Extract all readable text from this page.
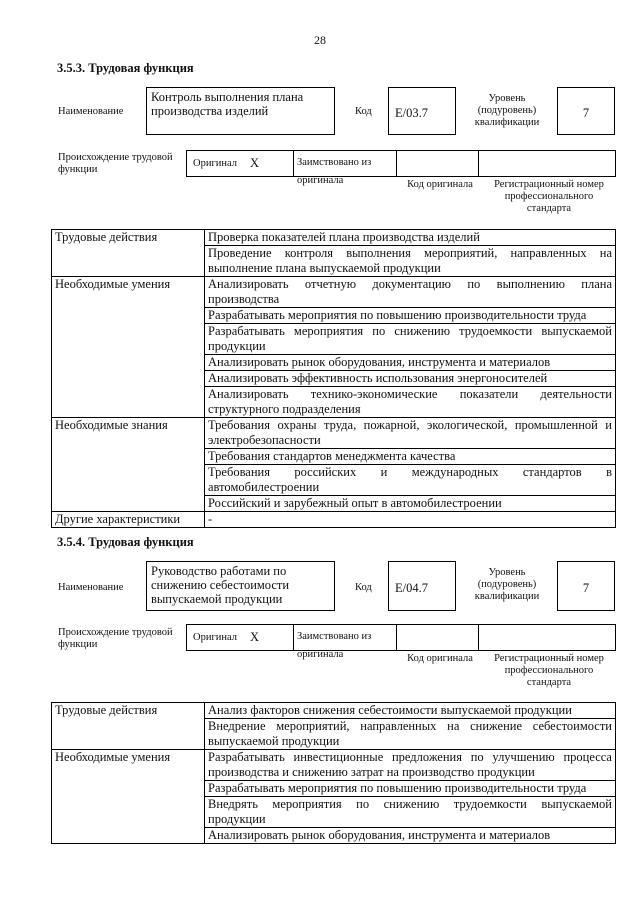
28
3.5.3. Трудовая функция
Наименование
Контроль выполнения плана производства изделий	Код	E/03.7
Уровень (подуровень) квалификации
7
Происхождение трудовой функции
Оригинал X	Заимствовано из оригинала	Код оригинала	Регистрационный номер профессионального стандарта
Трудовые действия	Проверка показателей плана производства изделий
	Проведение контроля выполнения мероприятий, направленных на выполнение плана выпускаемой продукции
Необходимые умения	Анализировать отчетную документацию по выполнению плана производства
	Разрабатывать мероприятия по повышению производительности труда
	Разрабатывать мероприятия по снижению трудоемкости выпускаемой продукции
	Анализировать рынок оборудования, инструмента и материалов
	Анализировать эффективность использования энергоносителей
	Анализировать технико-экономические показатели деятельности структурного подразделения
Необходимые знания	Требования охраны труда, пожарной, экологической, промышленной и электробезопасности
	Требования стандартов менеджмента качества
	Требования российских и международных стандартов в автомобилестроении
	Российский и зарубежный опыт в автомобилестроении
Другие характеристики	-
3.5.4. Трудовая функция
Наименование
Руководство работами по снижению себестоимости выпускаемой продукции
Код	E/04.7
Уровень (подуровень) квалификации
7
Происхождение трудовой функции
Оригинал X	Заимствовано из оригинала	Код оригинала	Регистрационный номер профессионального стандарта
Трудовые действия	Анализ факторов снижения себестоимости выпускаемой продукции
	Внедрение мероприятий, направленных на снижение себестоимости выпускаемой продукции
Необходимые умения	Разрабатывать инвестиционные предложения по улучшению процесса производства и снижению затрат на производство продукции
	Разрабатывать мероприятия по повышению производительности труда
	Внедрять мероприятия по снижению трудоемкости выпускаемой продукции
	Анализировать рынок оборудования, инструмента и материалов
